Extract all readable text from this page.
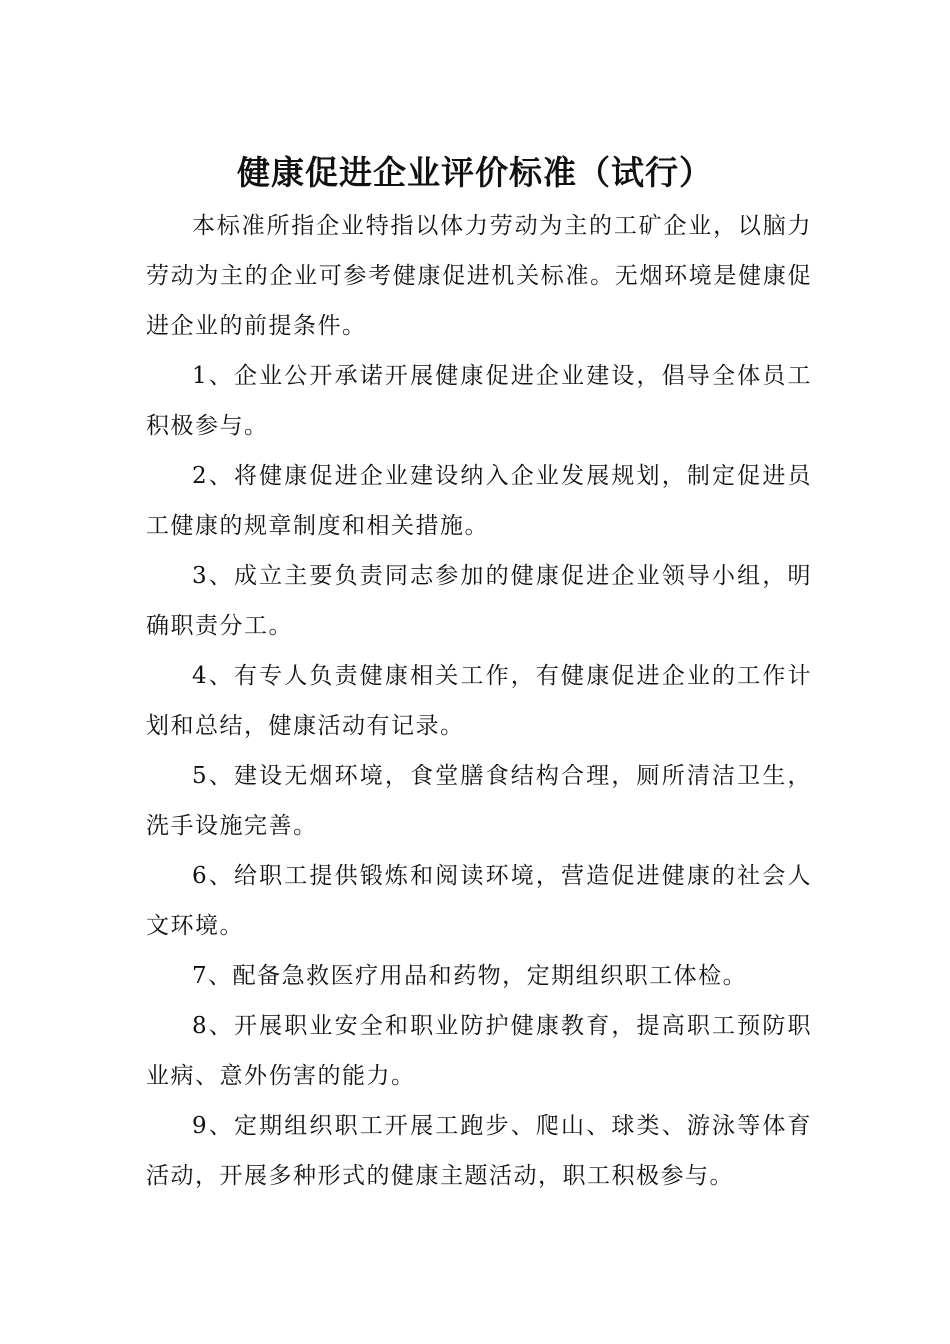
健康促进企业评价标准（试行）

本标准所指企业特指以体力劳动为主的工矿企业，以脑力劳动为主的企业可参考健康促进机关标准。无烟环境是健康促进企业的前提条件。

1、企业公开承诺开展健康促进企业建设，倡导全体员工积极参与。

2、将健康促进企业建设纳入企业发展规划，制定促进员工健康的规章制度和相关措施。

3、成立主要负责同志参加的健康促进企业领导小组，明确职责分工。

4、有专人负责健康相关工作，有健康促进企业的工作计划和总结，健康活动有记录。

5、建设无烟环境，食堂膳食结构合理，厕所清洁卫生，洗手设施完善。

6、给职工提供锻炼和阅读环境，营造促进健康的社会人文环境。

7、配备急救医疗用品和药物，定期组织职工体检。

8、开展职业安全和职业防护健康教育，提高职工预防职业病、意外伤害的能力。

9、定期组织职工开展工跑步、爬山、球类、游泳等体育活动，开展多种形式的健康主题活动，职工积极参与。
